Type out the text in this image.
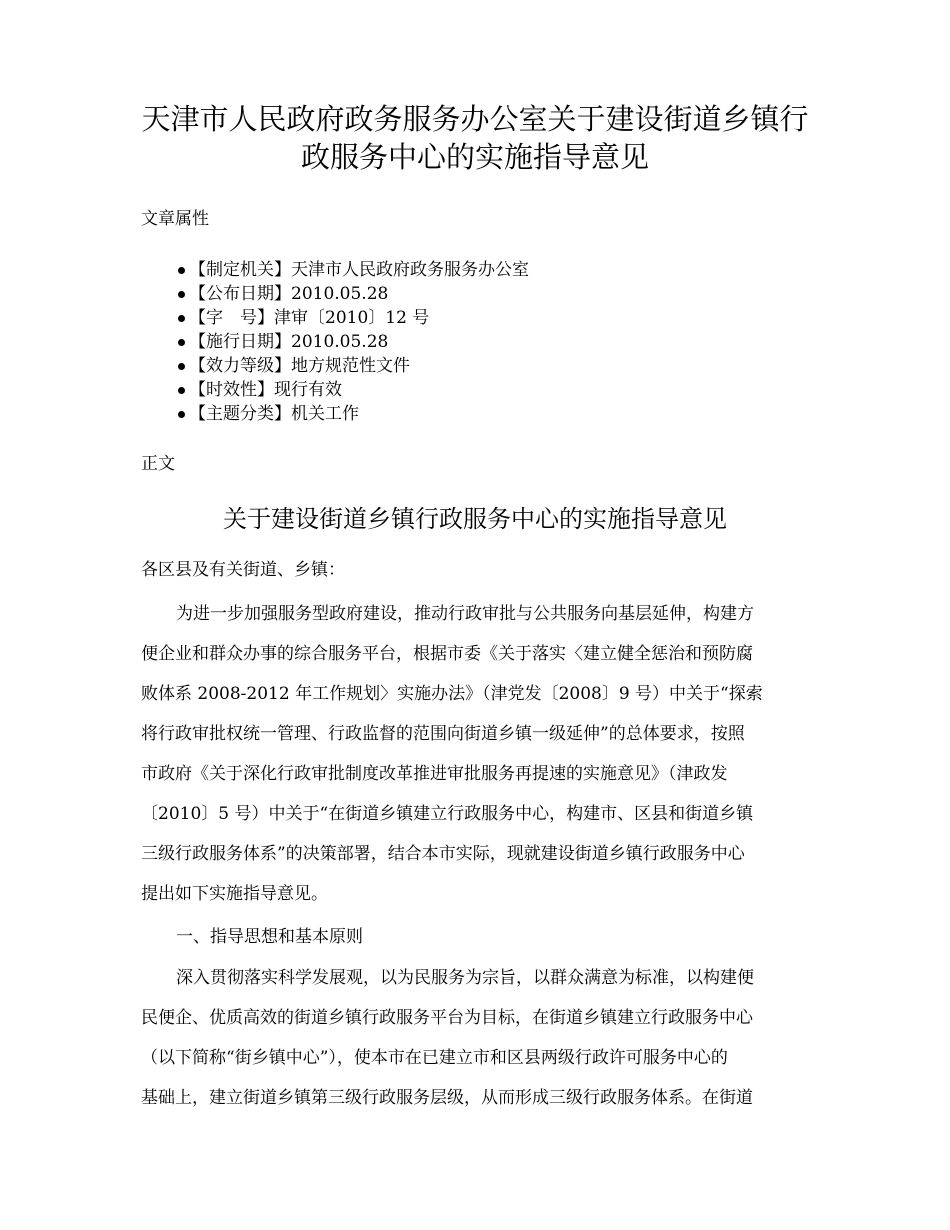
天津市人民政府政务服务办公室关于建设街道乡镇行
政服务中心的实施指导意见

文章属性

【制定机关】天津市人民政府政务服务办公室
【公布日期】2010.05.28
【字　号】津审〔2010〕12 号
【施行日期】2010.05.28
【效力等级】地方规范性文件
【时效性】现行有效
【主题分类】机关工作

正文

关于建设街道乡镇行政服务中心的实施指导意见

各区县及有关街道、乡镇：

为进一步加强服务型政府建设，推动行政审批与公共服务向基层延伸，构建方

便企业和群众办事的综合服务平台，根据市委《关于落实〈建立健全惩治和预防腐

败体系 2008-2012 年工作规划〉实施办法》（津党发〔2008〕9 号）中关于“探索

将行政审批权统一管理、行政监督的范围向街道乡镇一级延伸”的总体要求，按照

市政府《关于深化行政审批制度改革推进审批服务再提速的实施意见》（津政发

〔2010〕5 号）中关于“在街道乡镇建立行政服务中心，构建市、区县和街道乡镇

三级行政服务体系”的决策部署，结合本市实际，现就建设街道乡镇行政服务中心

提出如下实施指导意见。

一、指导思想和基本原则

深入贯彻落实科学发展观，以为民服务为宗旨，以群众满意为标准，以构建便

民便企、优质高效的街道乡镇行政服务平台为目标，在街道乡镇建立行政服务中心

（以下简称“街乡镇中心”），使本市在已建立市和区县两级行政许可服务中心的

基础上，建立街道乡镇第三级行政服务层级，从而形成三级行政服务体系。在街道
